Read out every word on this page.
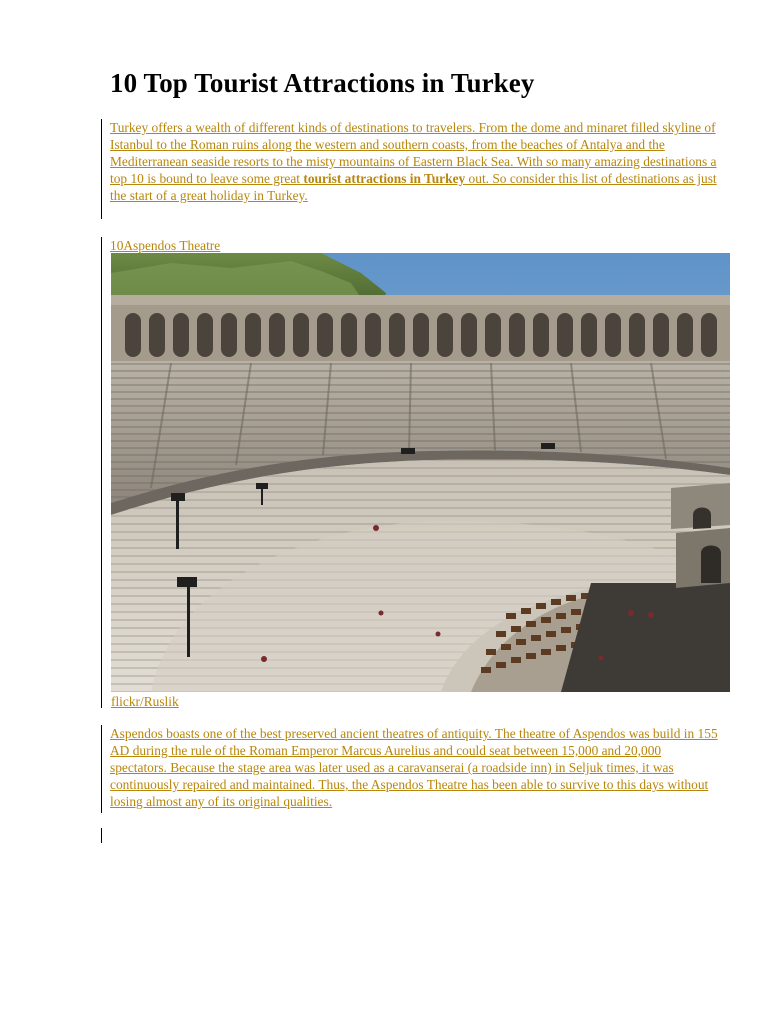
10 Top Tourist Attractions in Turkey

Turkey offers a wealth of different kinds of destinations to travelers. From the dome and minaret filled skyline of Istanbul to the Roman ruins along the western and southern coasts, from the beaches of Antalya and the Mediterranean seaside resorts to the misty mountains of Eastern Black Sea. With so many amazing destinations a top 10 is bound to leave some great tourist attractions in Turkey out. So consider this list of destinations as just the start of a great holiday in Turkey.

10Aspendos Theatre
flickr/Ruslik

Aspendos boasts one of the best preserved ancient theatres of antiquity. The theatre of Aspendos was build in 155 AD during the rule of the Roman Emperor Marcus Aurelius and could seat between 15,000 and 20,000 spectators. Because the stage area was later used as a caravanserai (a roadside inn) in Seljuk times, it was continuously repaired and maintained. Thus, the Aspendos Theatre has been able to survive to this days without losing almost any of its original qualities.
